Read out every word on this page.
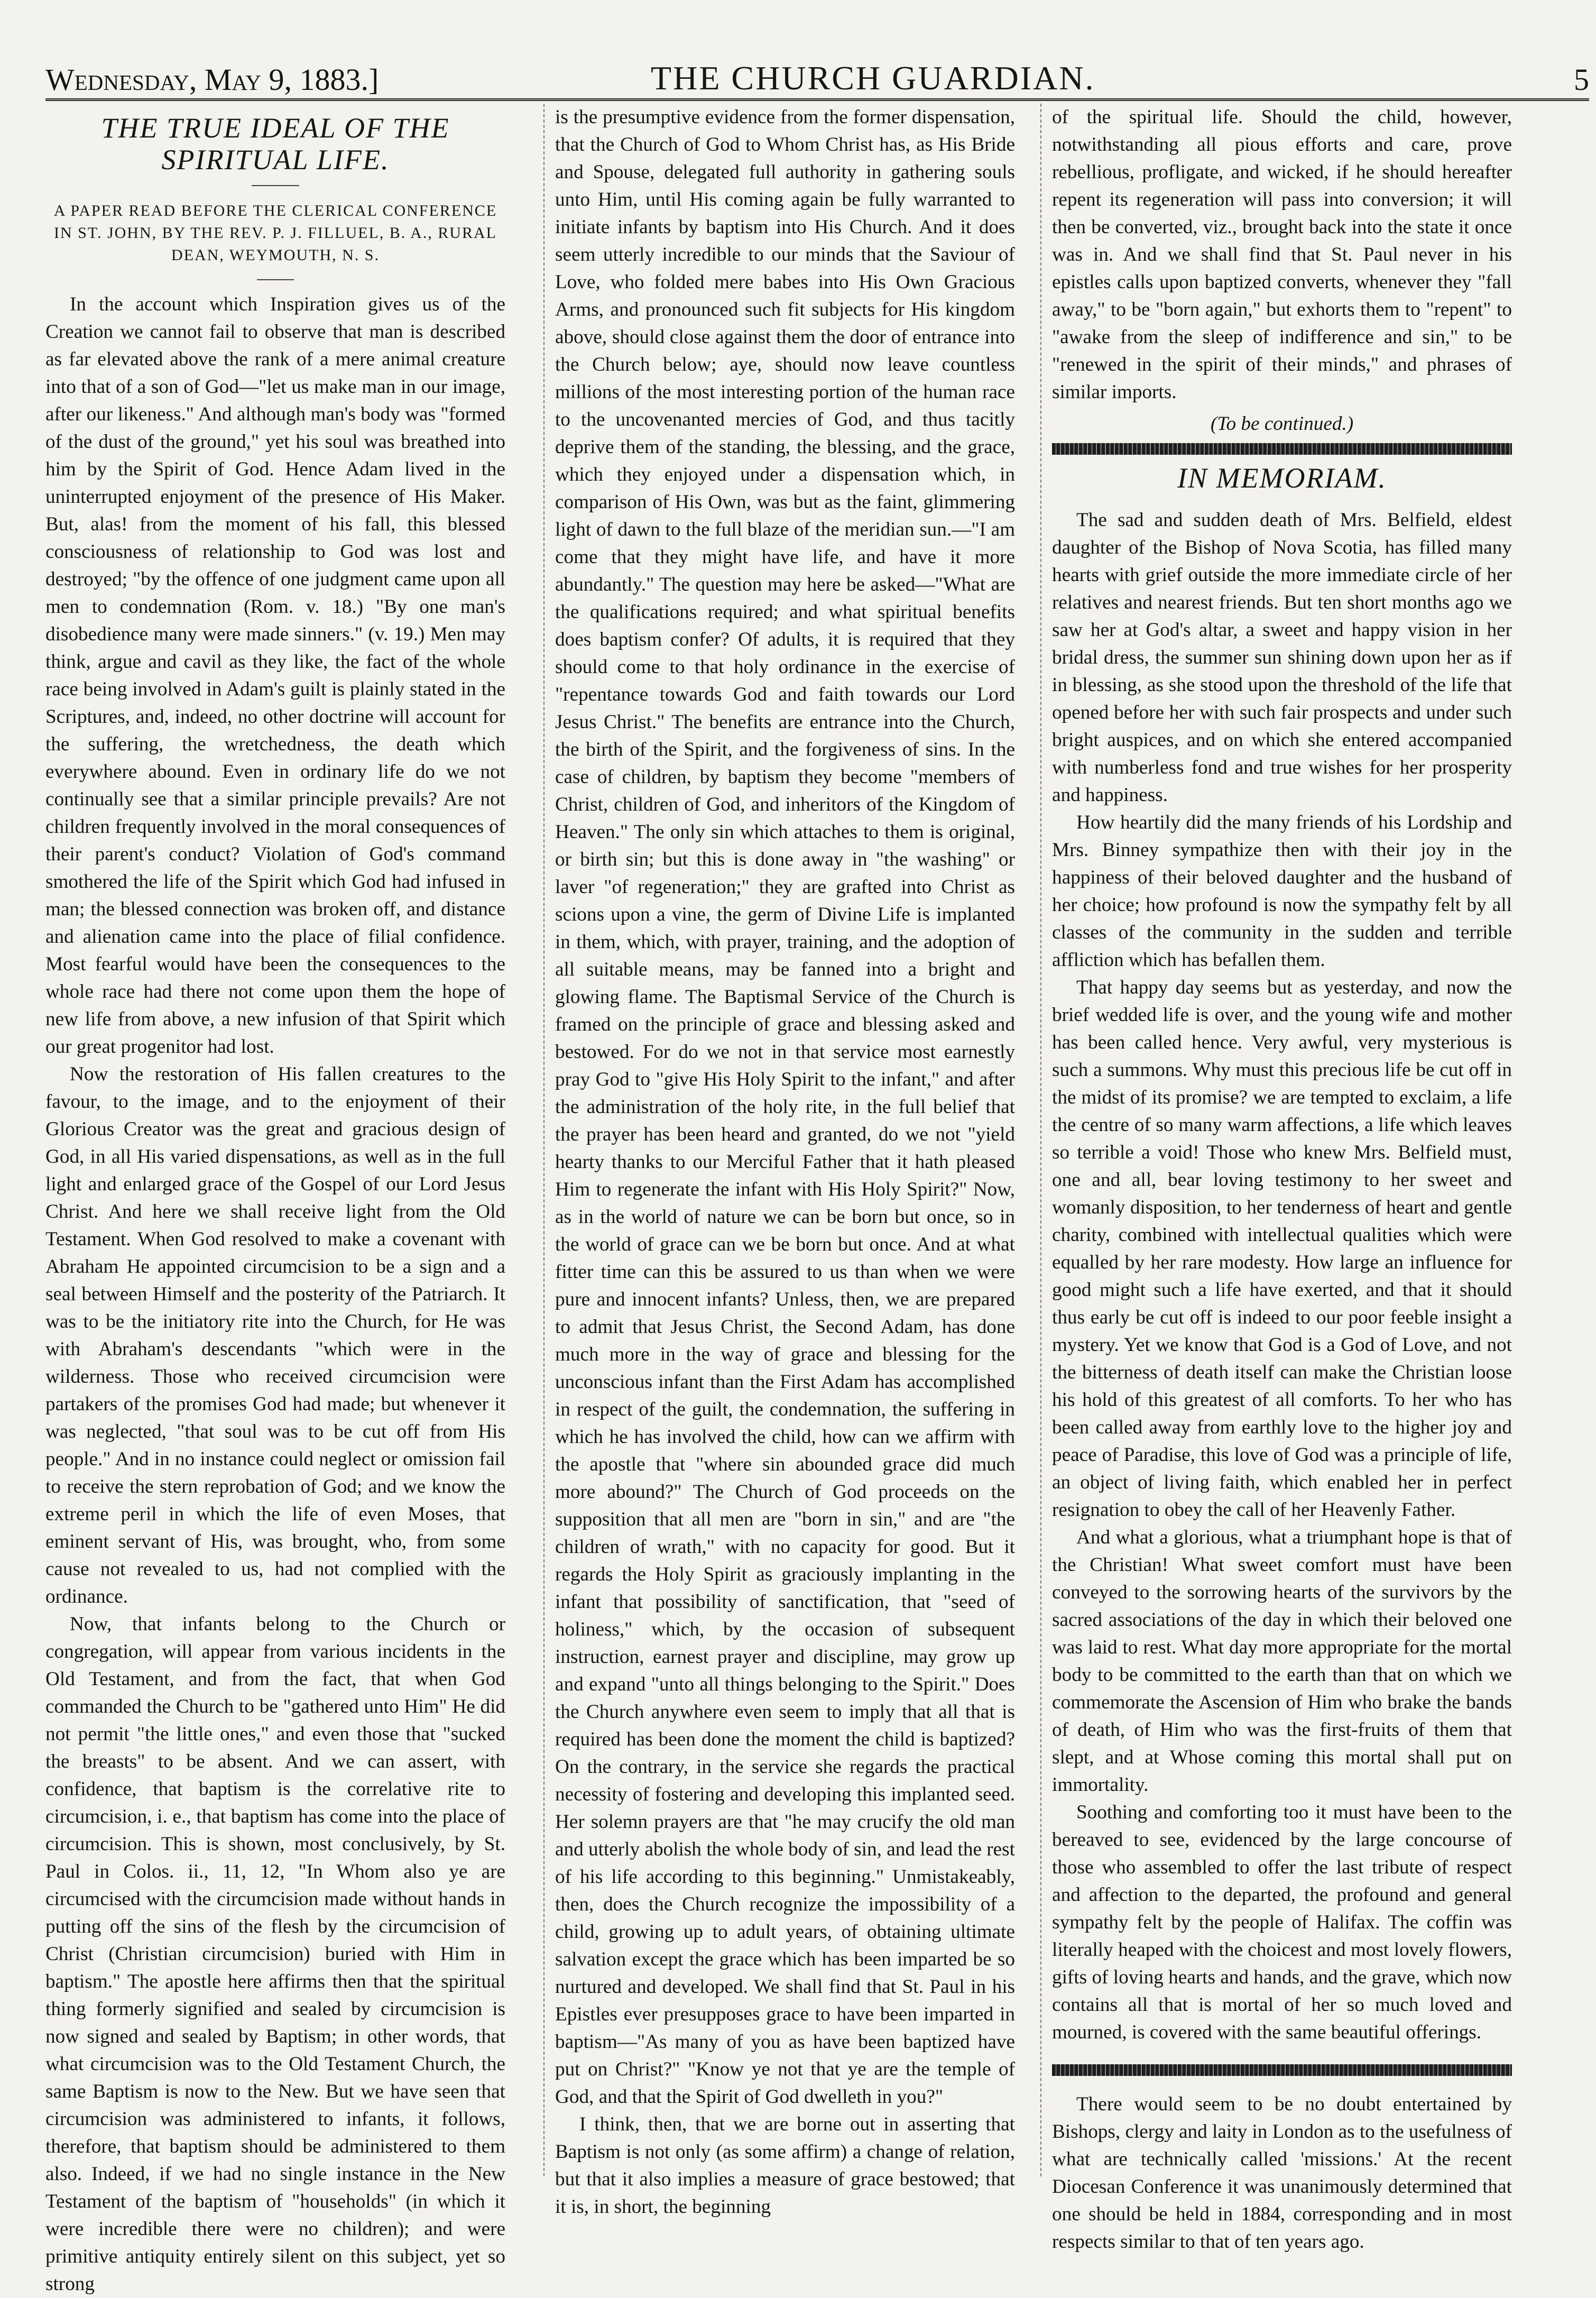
Wednesday, May 9, 1883.]	THE CHURCH GUARDIAN.	5
THE TRUE IDEAL OF THE SPIRITUAL LIFE.
A PAPER READ BEFORE THE CLERICAL CONFERENCE IN ST. JOHN, BY THE REV. P. J. FILLUEL, B. A., RURAL DEAN, WEYMOUTH, N. S.

In the account which Inspiration gives us of the Creation we cannot fail to observe that man is described as far elevated above the rank of a mere animal creature into that of a son of God—"let us make man in our image, after our likeness." And although man's body was "formed of the dust of the ground," yet his soul was breathed into him by the Spirit of God. Hence Adam lived in the uninterrupted enjoyment of the presence of His Maker. But, alas! from the moment of his fall, this blessed consciousness of relationship to God was lost and destroyed; "by the offence of one judgment came upon all men to condemnation (Rom. v. 18.) "By one man's disobedience many were made sinners." (v. 19.) Men may think, argue and cavil as they like, the fact of the whole race being involved in Adam's guilt is plainly stated in the Scriptures, and, indeed, no other doctrine will account for the suffering, the wretchedness, the death which everywhere abound. Even in ordinary life do we not continually see that a similar principle prevails? Are not children frequently involved in the moral consequences of their parent's conduct? Violation of God's command smothered the life of the Spirit which God had infused in man; the blessed connection was broken off, and distance and alienation came into the place of filial confidence. Most fearful would have been the consequences to the whole race had there not come upon them the hope of new life from above, a new infusion of that Spirit which our great progenitor had lost.

Now the restoration of His fallen creatures to the favour, to the image, and to the enjoyment of their Glorious Creator was the great and gracious design of God, in all His varied dispensations, as well as in the full light and enlarged grace of the Gospel of our Lord Jesus Christ. And here we shall receive light from the Old Testament. When God resolved to make a covenant with Abraham He appointed circumcision to be a sign and a seal between Himself and the posterity of the Patriarch. It was to be the initiatory rite into the Church, for He was with Abraham's descendants "which were in the wilderness. Those who received circumcision were partakers of the promises God had made; but whenever it was neglected, "that soul was to be cut off from His people." And in no instance could neglect or omission fail to receive the stern reprobation of God; and we know the extreme peril in which the life of even Moses, that eminent servant of His, was brought, who, from some cause not revealed to us, had not complied with the ordinance.

Now, that infants belong to the Church or congregation, will appear from various incidents in the Old Testament, and from the fact, that when God commanded the Church to be "gathered unto Him" He did not permit "the little ones," and even those that "sucked the breasts" to be absent. And we can assert, with confidence, that baptism is the correlative rite to circumcision, i. e., that baptism has come into the place of circumcision. This is shown, most conclusively, by St. Paul in Colos. ii., 11, 12, "In Whom also ye are circumcised with the circumcision made without hands in putting off the sins of the flesh by the circumcision of Christ (Christian circumcision) buried with Him in baptism." The apostle here affirms then that the spiritual thing formerly signified and sealed by circumcision is now signed and sealed by Baptism; in other words, that what circumcision was to the Old Testament Church, the same Baptism is now to the New. But we have seen that circumcision was administered to infants, it follows, therefore, that baptism should be administered to them also. Indeed, if we had no single instance in the New Testament of the baptism of "households" (in which it were incredible there were no children); and were primitive antiquity entirely silent on this subject, yet so strong

is the presumptive evidence from the former dispensation, that the Church of God to Whom Christ has, as His Bride and Spouse, delegated full authority in gathering souls unto Him, until His coming again be fully warranted to initiate infants by baptism into His Church. And it does seem utterly incredible to our minds that the Saviour of Love, who folded mere babes into His Own Gracious Arms, and pronounced such fit subjects for His kingdom above, should close against them the door of entrance into the Church below; aye, should now leave countless millions of the most interesting portion of the human race to the uncovenanted mercies of God, and thus tacitly deprive them of the standing, the blessing, and the grace, which they enjoyed under a dispensation which, in comparison of His Own, was but as the faint, glimmering light of dawn to the full blaze of the meridian sun.—"I am come that they might have life, and have it more abundantly." The question may here be asked—"What are the qualifications required; and what spiritual benefits does baptism confer? Of adults, it is required that they should come to that holy ordinance in the exercise of "repentance towards God and faith towards our Lord Jesus Christ." The benefits are entrance into the Church, the birth of the Spirit, and the forgiveness of sins. In the case of children, by baptism they become "members of Christ, children of God, and inheritors of the Kingdom of Heaven." The only sin which attaches to them is original, or birth sin; but this is done away in "the washing" or laver "of regeneration;" they are grafted into Christ as scions upon a vine, the germ of Divine Life is implanted in them, which, with prayer, training, and the adoption of all suitable means, may be fanned into a bright and glowing flame. The Baptismal Service of the Church is framed on the principle of grace and blessing asked and bestowed. For do we not in that service most earnestly pray God to "give His Holy Spirit to the infant," and after the administration of the holy rite, in the full belief that the prayer has been heard and granted, do we not "yield hearty thanks to our Merciful Father that it hath pleased Him to regenerate the infant with His Holy Spirit?" Now, as in the world of nature we can be born but once, so in the world of grace can we be born but once. And at what fitter time can this be assured to us than when we were pure and innocent infants? Unless, then, we are prepared to admit that Jesus Christ, the Second Adam, has done much more in the way of grace and blessing for the unconscious infant than the First Adam has accomplished in respect of the guilt, the condemnation, the suffering in which he has involved the child, how can we affirm with the apostle that "where sin abounded grace did much more abound?" The Church of God proceeds on the supposition that all men are "born in sin," and are "the children of wrath," with no capacity for good. But it regards the Holy Spirit as graciously implanting in the infant that possibility of sanctification, that "seed of holiness," which, by the occasion of subsequent instruction, earnest prayer and discipline, may grow up and expand "unto all things belonging to the Spirit." Does the Church anywhere even seem to imply that all that is required has been done the moment the child is baptized? On the contrary, in the service she regards the practical necessity of fostering and developing this implanted seed. Her solemn prayers are that "he may crucify the old man and utterly abolish the whole body of sin, and lead the rest of his life according to this beginning." Unmistakeably, then, does the Church recognize the impossibility of a child, growing up to adult years, of obtaining ultimate salvation except the grace which has been imparted be so nurtured and developed. We shall find that St. Paul in his Epistles ever presupposes grace to have been imparted in baptism—"As many of you as have been baptized have put on Christ?" "Know ye not that ye are the temple of God, and that the Spirit of God dwelleth in you?"

I think, then, that we are borne out in asserting that Baptism is not only (as some affirm) a change of relation, but that it also implies a measure of grace bestowed; that it is, in short, the beginning

of the spiritual life. Should the child, however, notwithstanding all pious efforts and care, prove rebellious, profligate, and wicked, if he should hereafter repent its regeneration will pass into conversion; it will then be converted, viz., brought back into the state it once was in. And we shall find that St. Paul never in his epistles calls upon baptized converts, whenever they "fall away," to be "born again," but exhorts them to "repent" to "awake from the sleep of indifference and sin," to be "renewed in the spirit of their minds," and phrases of similar imports.

(To be continued.)
IN MEMORIAM.

The sad and sudden death of Mrs. Belfield, eldest daughter of the Bishop of Nova Scotia, has filled many hearts with grief outside the more immediate circle of her relatives and nearest friends. But ten short months ago we saw her at God's altar, a sweet and happy vision in her bridal dress, the summer sun shining down upon her as if in blessing, as she stood upon the threshold of the life that opened before her with such fair prospects and under such bright auspices, and on which she entered accompanied with numberless fond and true wishes for her prosperity and happiness.

How heartily did the many friends of his Lordship and Mrs. Binney sympathize then with their joy in the happiness of their beloved daughter and the husband of her choice; how profound is now the sympathy felt by all classes of the community in the sudden and terrible affliction which has befallen them.

That happy day seems but as yesterday, and now the brief wedded life is over, and the young wife and mother has been called hence. Very awful, very mysterious is such a summons. Why must this precious life be cut off in the midst of its promise? we are tempted to exclaim, a life the centre of so many warm affections, a life which leaves so terrible a void! Those who knew Mrs. Belfield must, one and all, bear loving testimony to her sweet and womanly disposition, to her tenderness of heart and gentle charity, combined with intellectual qualities which were equalled by her rare modesty. How large an influence for good might such a life have exerted, and that it should thus early be cut off is indeed to our poor feeble insight a mystery. Yet we know that God is a God of Love, and not the bitterness of death itself can make the Christian loose his hold of this greatest of all comforts. To her who has been called away from earthly love to the higher joy and peace of Paradise, this love of God was a principle of life, an object of living faith, which enabled her in perfect resignation to obey the call of her Heavenly Father.

And what a glorious, what a triumphant hope is that of the Christian! What sweet comfort must have been conveyed to the sorrowing hearts of the survivors by the sacred associations of the day in which their beloved one was laid to rest. What day more appropriate for the mortal body to be committed to the earth than that on which we commemorate the Ascension of Him who brake the bands of death, of Him who was the first-fruits of them that slept, and at Whose coming this mortal shall put on immortality.

Soothing and comforting too it must have been to the bereaved to see, evidenced by the large concourse of those who assembled to offer the last tribute of respect and affection to the departed, the profound and general sympathy felt by the people of Halifax. The coffin was literally heaped with the choicest and most lovely flowers, gifts of loving hearts and hands, and the grave, which now contains all that is mortal of her so much loved and mourned, is covered with the same beautiful offerings.

There would seem to be no doubt entertained by Bishops, clergy and laity in London as to the usefulness of what are technically called 'missions.' At the recent Diocesan Conference it was unanimously determined that one should be held in 1884, corresponding and in most respects similar to that of ten years ago.
